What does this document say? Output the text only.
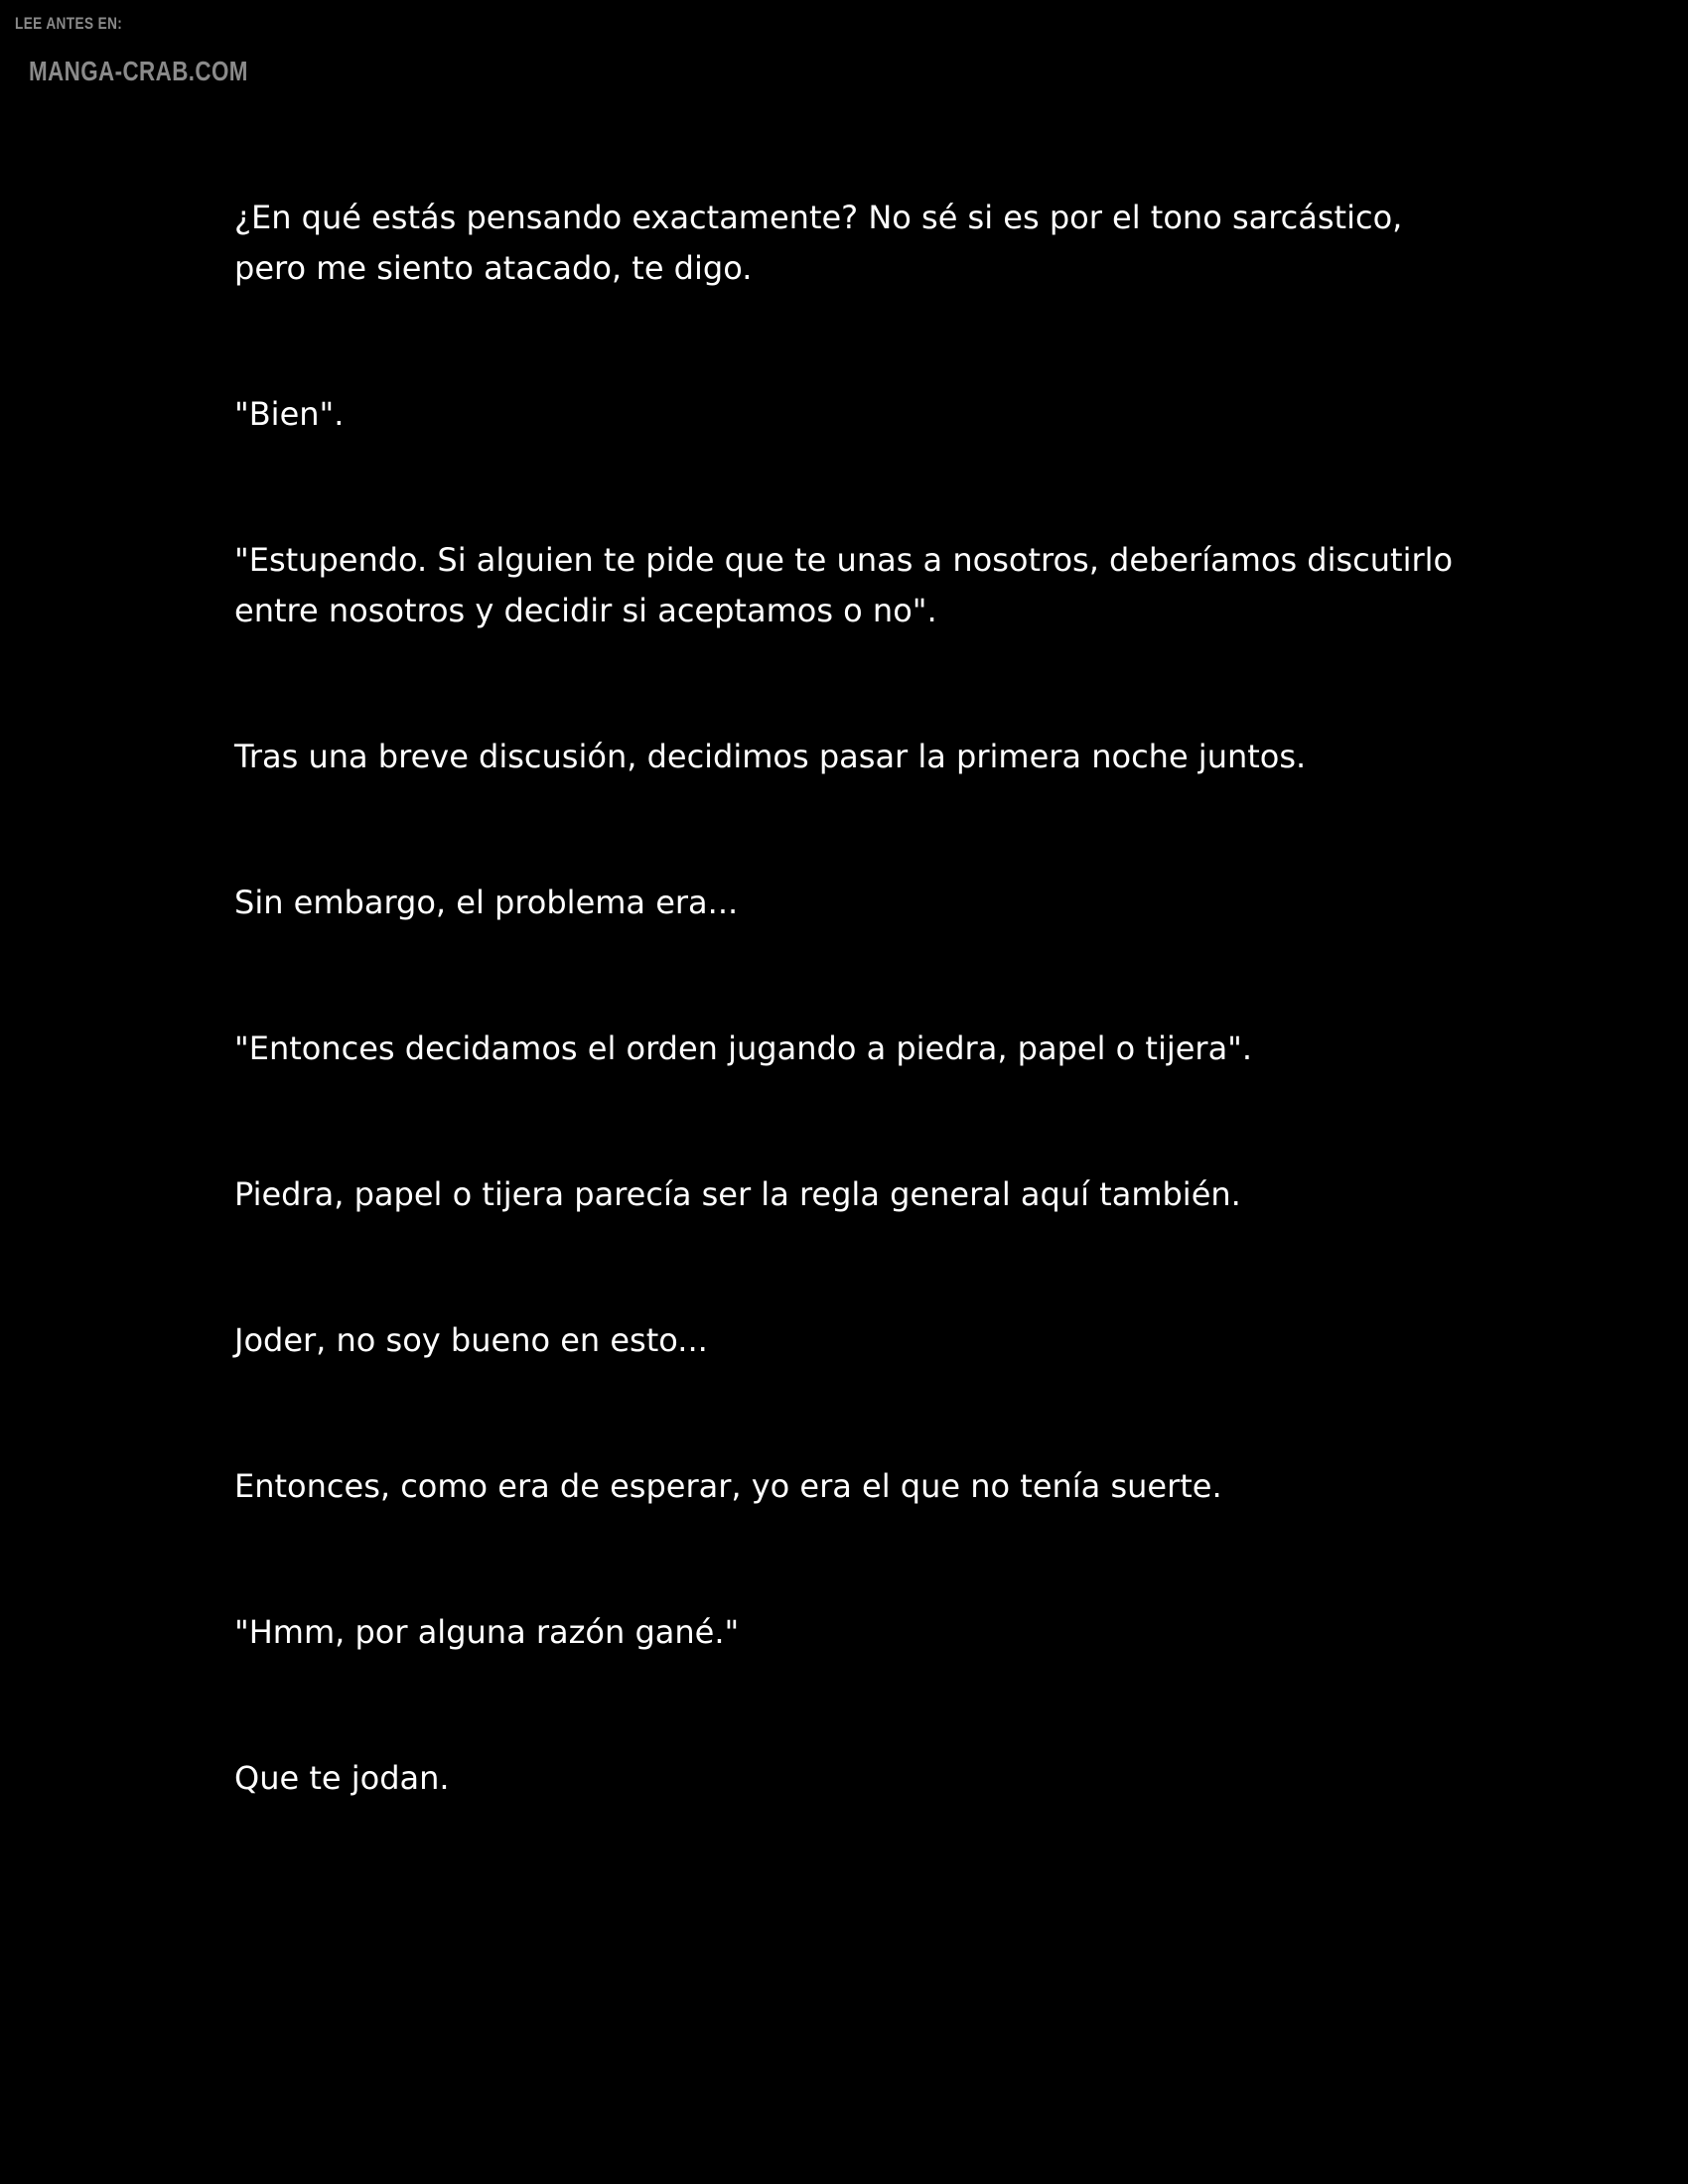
LEE ANTES EN:
MANGA-CRAB.COM

¿En qué estás pensando exactamente? No sé si es por el tono sarcástico,
pero me siento atacado, te digo.

"Bien".

"Estupendo. Si alguien te pide que te unas a nosotros, deberíamos discutirlo
entre nosotros y decidir si aceptamos o no".

Tras una breve discusión, decidimos pasar la primera noche juntos.

Sin embargo, el problema era...

"Entonces decidamos el orden jugando a piedra, papel o tijera".

Piedra, papel o tijera parecía ser la regla general aquí también.

Joder, no soy bueno en esto...

Entonces, como era de esperar, yo era el que no tenía suerte.

"Hmm, por alguna razón gané."

Que te jodan.
